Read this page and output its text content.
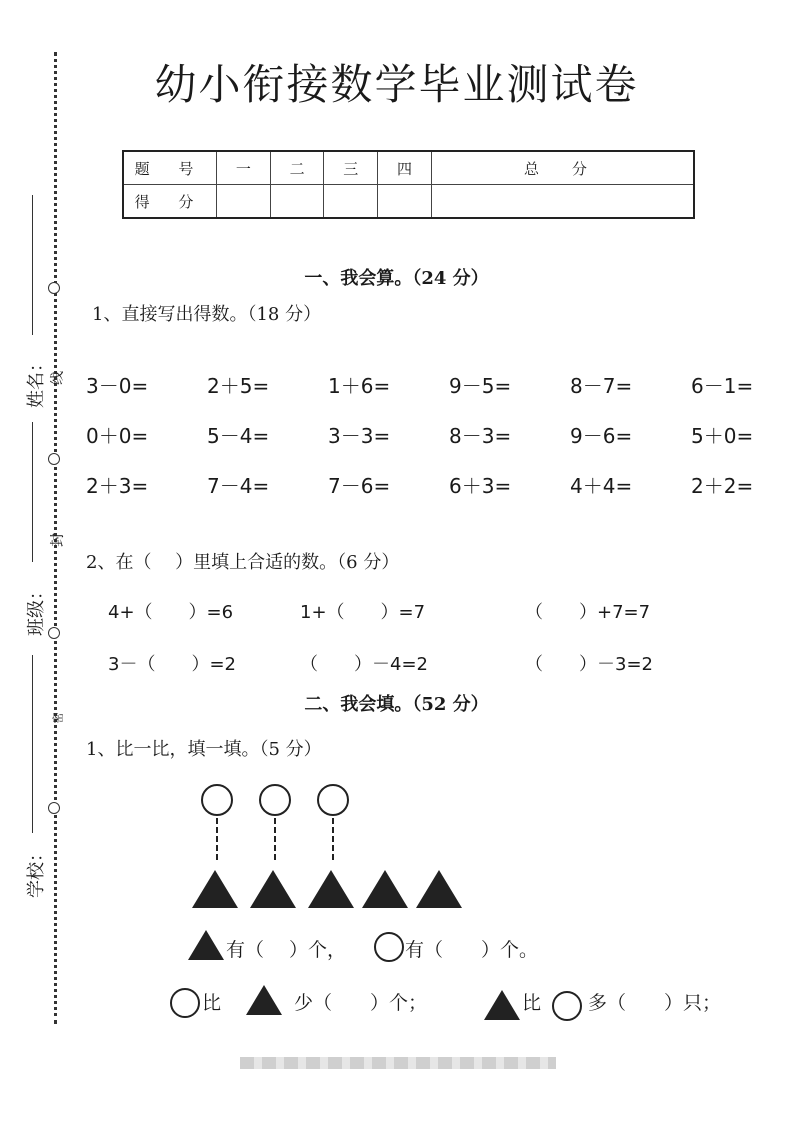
幼小衔接数学毕业测试卷
题 号	一	二	三	四	总 分
得 分					
线
封
密
姓名：
班级：
学校：
一、我会算。（24 分）
1、直接写出得数。（18 分）
3－0=	2＋5=	1＋6=	9－5=	8－7=	6－1=
0＋0=	5－4=	3－3=	8－3=	9－6=	5＋0=
2＋3=	7－4=	7－6=	6＋3=	4＋4=	2＋2=
2、在（　 ）里填上合适的数。（6 分）
4+（　　）=6	1+（　　）=7	（　　）+7=7
3－（　　）=2	（　　）－4=2	（　　）－3=2
二、我会填。（52 分）
1、比一比，填一填。（5 分）
有（　 ）个，	有（　　）个。
比	少（　　）个；	比 多（　　）只；
